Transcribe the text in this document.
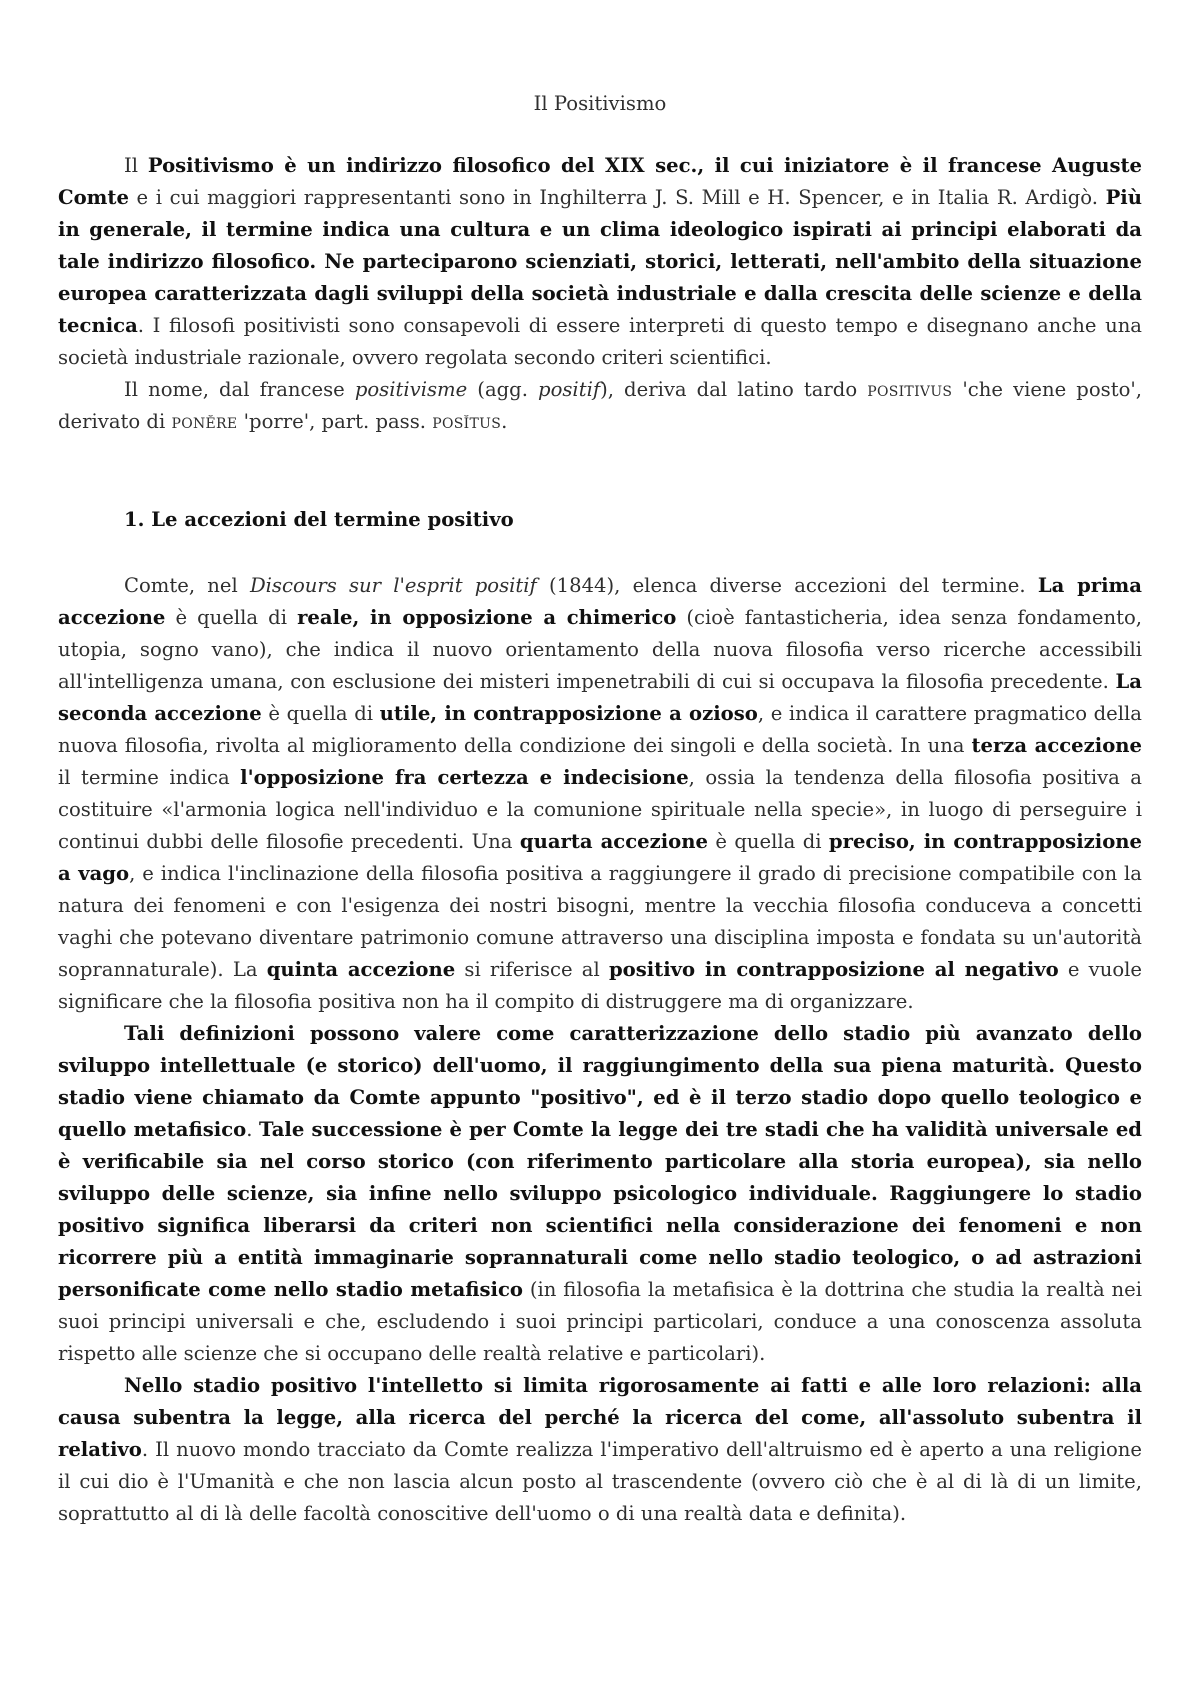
Il Positivismo

Il Positivismo è un indirizzo filosofico del XIX sec., il cui iniziatore è il francese Auguste Comte e i cui maggiori rappresentanti sono in Inghilterra J. S. Mill e H. Spencer, e in Italia R. Ardigò. Più in generale, il termine indica una cultura e un clima ideologico ispirati ai principi elaborati da tale indirizzo filosofico. Ne parteciparono scienziati, storici, letterati, nell'ambito della situazione europea caratterizzata dagli sviluppi della società industriale e dalla crescita delle scienze e della tecnica. I filosofi positivisti sono consapevoli di essere interpreti di questo tempo e disegnano anche una società industriale razionale, ovvero regolata secondo criteri scientifici.

Il nome, dal francese positivisme (agg. positif), deriva dal latino tardo positivus 'che viene posto', derivato di ponĕre 'porre', part. pass. posĭtus.

1. Le accezioni del termine positivo

Comte, nel Discours sur l'esprit positif (1844), elenca diverse accezioni del termine. La prima accezione è quella di reale, in opposizione a chimerico (cioè fantasticheria, idea senza fondamento, utopia, sogno vano), che indica il nuovo orientamento della nuova filosofia verso ricerche accessibili all'intelligenza umana, con esclusione dei misteri impenetrabili di cui si occupava la filosofia precedente. La seconda accezione è quella di utile, in contrapposizione a ozioso, e indica il carattere pragmatico della nuova filosofia, rivolta al miglioramento della condizione dei singoli e della società. In una terza accezione il termine indica l'opposizione fra certezza e indecisione, ossia la tendenza della filosofia positiva a costituire «l'armonia logica nell'individuo e la comunione spirituale nella specie», in luogo di perseguire i continui dubbi delle filosofie precedenti. Una quarta accezione è quella di preciso, in contrapposizione a vago, e indica l'inclinazione della filosofia positiva a raggiungere il grado di precisione compatibile con la natura dei fenomeni e con l'esigenza dei nostri bisogni, mentre la vecchia filosofia conduceva a concetti vaghi che potevano diventare patrimonio comune attraverso una disciplina imposta e fondata su un'autorità soprannaturale). La quinta accezione si riferisce al positivo in contrapposizione al negativo e vuole significare che la filosofia positiva non ha il compito di distruggere ma di organizzare.

Tali definizioni possono valere come caratterizzazione dello stadio più avanzato dello sviluppo intellettuale (e storico) dell'uomo, il raggiungimento della sua piena maturità. Questo stadio viene chiamato da Comte appunto "positivo", ed è il terzo stadio dopo quello teologico e quello metafisico. Tale successione è per Comte la legge dei tre stadi che ha validità universale ed è verificabile sia nel corso storico (con riferimento particolare alla storia europea), sia nello sviluppo delle scienze, sia infine nello sviluppo psicologico individuale. Raggiungere lo stadio positivo significa liberarsi da criteri non scientifici nella considerazione dei fenomeni e non ricorrere più a entità immaginarie soprannaturali come nello stadio teologico, o ad astrazioni personificate come nello stadio metafisico (in filosofia la metafisica è la dottrina che studia la realtà nei suoi principi universali e che, escludendo i suoi principi particolari, conduce a una conoscenza assoluta rispetto alle scienze che si occupano delle realtà relative e particolari).

Nello stadio positivo l'intelletto si limita rigorosamente ai fatti e alle loro relazioni: alla causa subentra la legge, alla ricerca del perché la ricerca del come, all'assoluto subentra il relativo. Il nuovo mondo tracciato da Comte realizza l'imperativo dell'altruismo ed è aperto a una religione il cui dio è l'Umanità e che non lascia alcun posto al trascendente (ovvero ciò che è al di là di un limite, soprattutto al di là delle facoltà conoscitive dell'uomo o di una realtà data e definita).
